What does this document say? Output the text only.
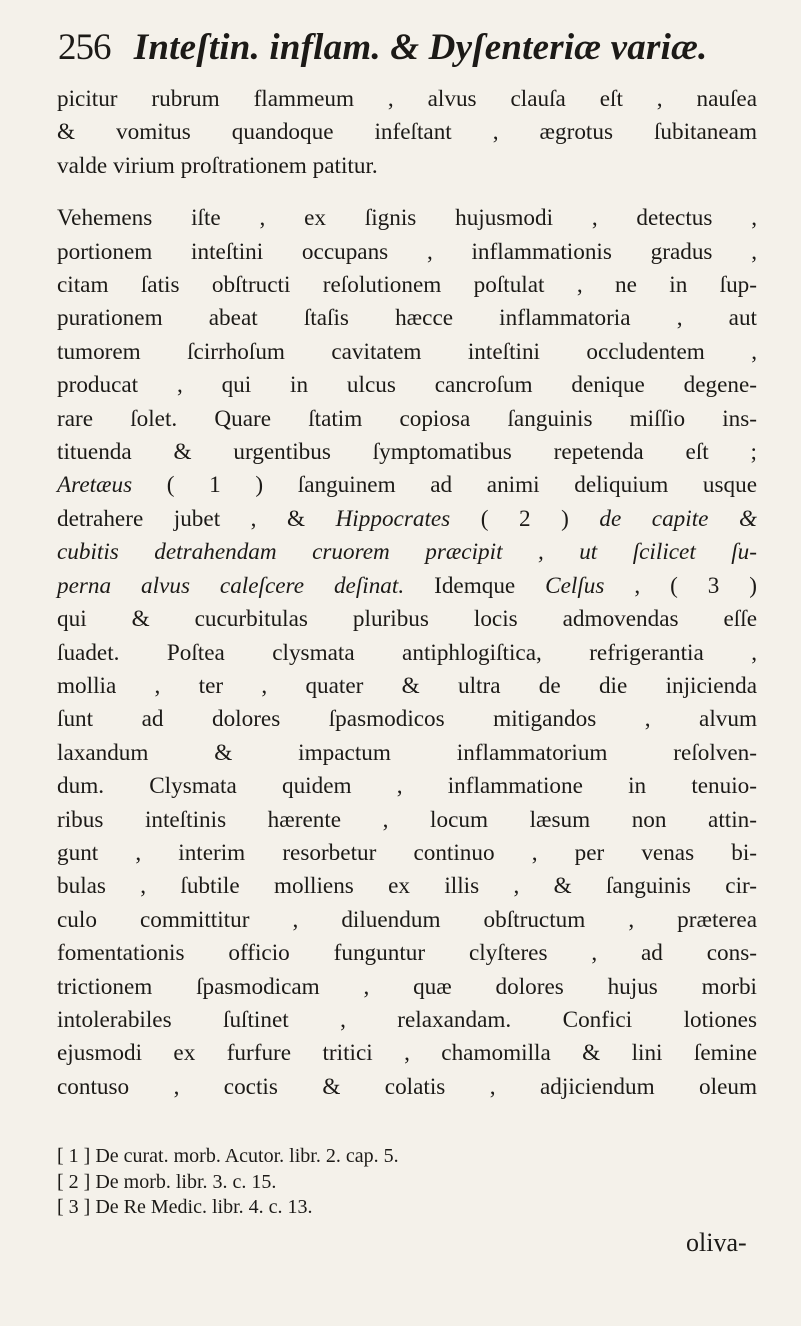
256 Inteſtin. inflam. & Dyſenteriæ variæ.
picitur rubrum flammeum , alvus clauſa eſt , nauſea
& vomitus quandoque infeſtant , ægrotus ſubitaneam
valde virium proſtrationem patitur.
Vehemens iſte , ex ſignis hujusmodi , detectus ,
portionem inteſtini occupans , inflammationis gradus ,
citam ſatis obſtructi reſolutionem poſtulat , ne in ſup-
purationem abeat ſtaſis hæcce inflammatoria , aut
tumorem ſcirrhoſum cavitatem inteſtini occludentem ,
producat , qui in ulcus cancroſum denique degene-
rare ſolet. Quare ſtatim copiosa ſanguinis miſſio ins-
tituenda & urgentibus ſymptomatibus repetenda eſt ;
Aretæus ( 1 ) ſanguinem ad animi deliquium usque
detrahere jubet , & Hippocrates ( 2 ) de capite &
cubitis detrahendam cruorem præcipit , ut ſcilicet ſu-
perna alvus caleſcere deſinat. Idemque Celſus , ( 3 )
qui & cucurbitulas pluribus locis admovendas eſſe
ſuadet. Poſtea clysmata antiphlogiſtica, refrigerantia ,
mollia , ter , quater & ultra de die injicienda
ſunt ad dolores ſpasmodicos mitigandos , alvum
laxandum & impactum inflammatorium reſolven-
dum. Clysmata quidem , inflammatione in tenuio-
ribus inteſtinis hærente , locum læsum non attin-
gunt , interim resorbetur continuo , per venas bi-
bulas , ſubtile molliens ex illis , & ſanguinis cir-
culo committitur , diluendum obſtructum , præterea
fomentationis officio funguntur clyſteres , ad cons-
trictionem ſpasmodicam , quæ dolores hujus morbi
intolerabiles ſuſtinet , relaxandam. Confici lotiones
ejusmodi ex furfure tritici , chamomilla & lini ſemine
contuso , coctis & colatis , adjiciendum oleum
[ 1 ] De curat. morb. Acutor. libr. 2. cap. 5.
[ 2 ] De morb. libr. 3. c. 15.
[ 3 ] De Re Medic. libr. 4. c. 13.
oliva-
